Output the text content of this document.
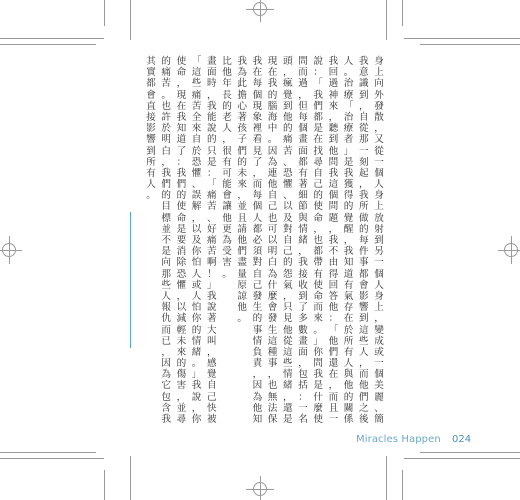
身
上
向
外
發
散
，
又
從
一
個
人
身
上
放
射
到
另
一
個
人
身
上
，
變
成
或
一
個
美
麗
、
簡
我
意
識
到
，
自
從
那
一
刻
起
，
我
所
做
的
每
件
事
都
會
影
響
到
這
些
人
，
而
他
們
之
後
人
。
治
療
「
治
療
者
」
是
我
獲
得
的
覺
醒
，
我
知
道
有
氣
存
在
於
所
有
人
與
他
的
關
係
我
回
過
神
來
，
聽
到
他
問
我
這
個
問
題
，
我
不
由
得
回
答
他
：
「
他
們
還
在
，
而
且
一
說
：
「
我
們
都
是
在
找
尋
自
己
的
使
命
，
也
都
帶
有
使
命
而
來
。
」
你
問
我
是
什
麼
使
問
而
過
，
但
每
個
畫
面
都
有
著
細
節
與
情
緒
，
我
接
收
到
了
多
數
畫
面
，
包
括
：
一
名
頭
，
瘋
覺
到
他
的
痛
苦
、
恐
懼
、
以
及
對
自
己
的
怨
氣
，
只
見
他
從
這
些
情
緒
，
還
是
現
在
我
的
腦
海
中
。
因
為
連
他
自
己
也
可
以
明
白
為
什
麼
會
發
生
這
種
事
，
也
無
法
保
我
在
每
個
現
象
裡
看
見
了
，
而
每
個
人
都
必
須
對
自
己
發
生
的
事
情
負
責
，
因
為
他
知
我
為
此
擔
心
著
孩
子
們
的
未
來
，
並
且
請
他
們
盡
量
原
諒
他
。
比
他
年
長
的
老
人
，
很
有
可
能
會
讓
他
更
為
受
害
。
畫
面
時
，
我
能
說
的
只
是
：
「
痛
苦
、
好
痛
苦
啊
！
」
我
說
著
大
叫
，
感
覺
自
己
快
被
「
這
些
痛
苦
全
來
自
於
恐
懼
、
誤
解
，
以
及
你
怕
人
或
人
怕
你
的
情
緒
。
」
我
說
，
你
使
命
，
現
在
我
知
道
了
：
我
們
的
使
命
是
要
消
除
恐
懼
，
以
減
輕
未
來
的
傷
害
，
並
尋
的
痛
苦
。
也
許
於
明
白
，
我
們
的
目
標
並
不
是
向
那
些
人
報
仇
而
已
，
因
為
它
包
含
我
其
實
都
會
直
接
影
響
到
所
有
人
。
Miracles Happen 024
